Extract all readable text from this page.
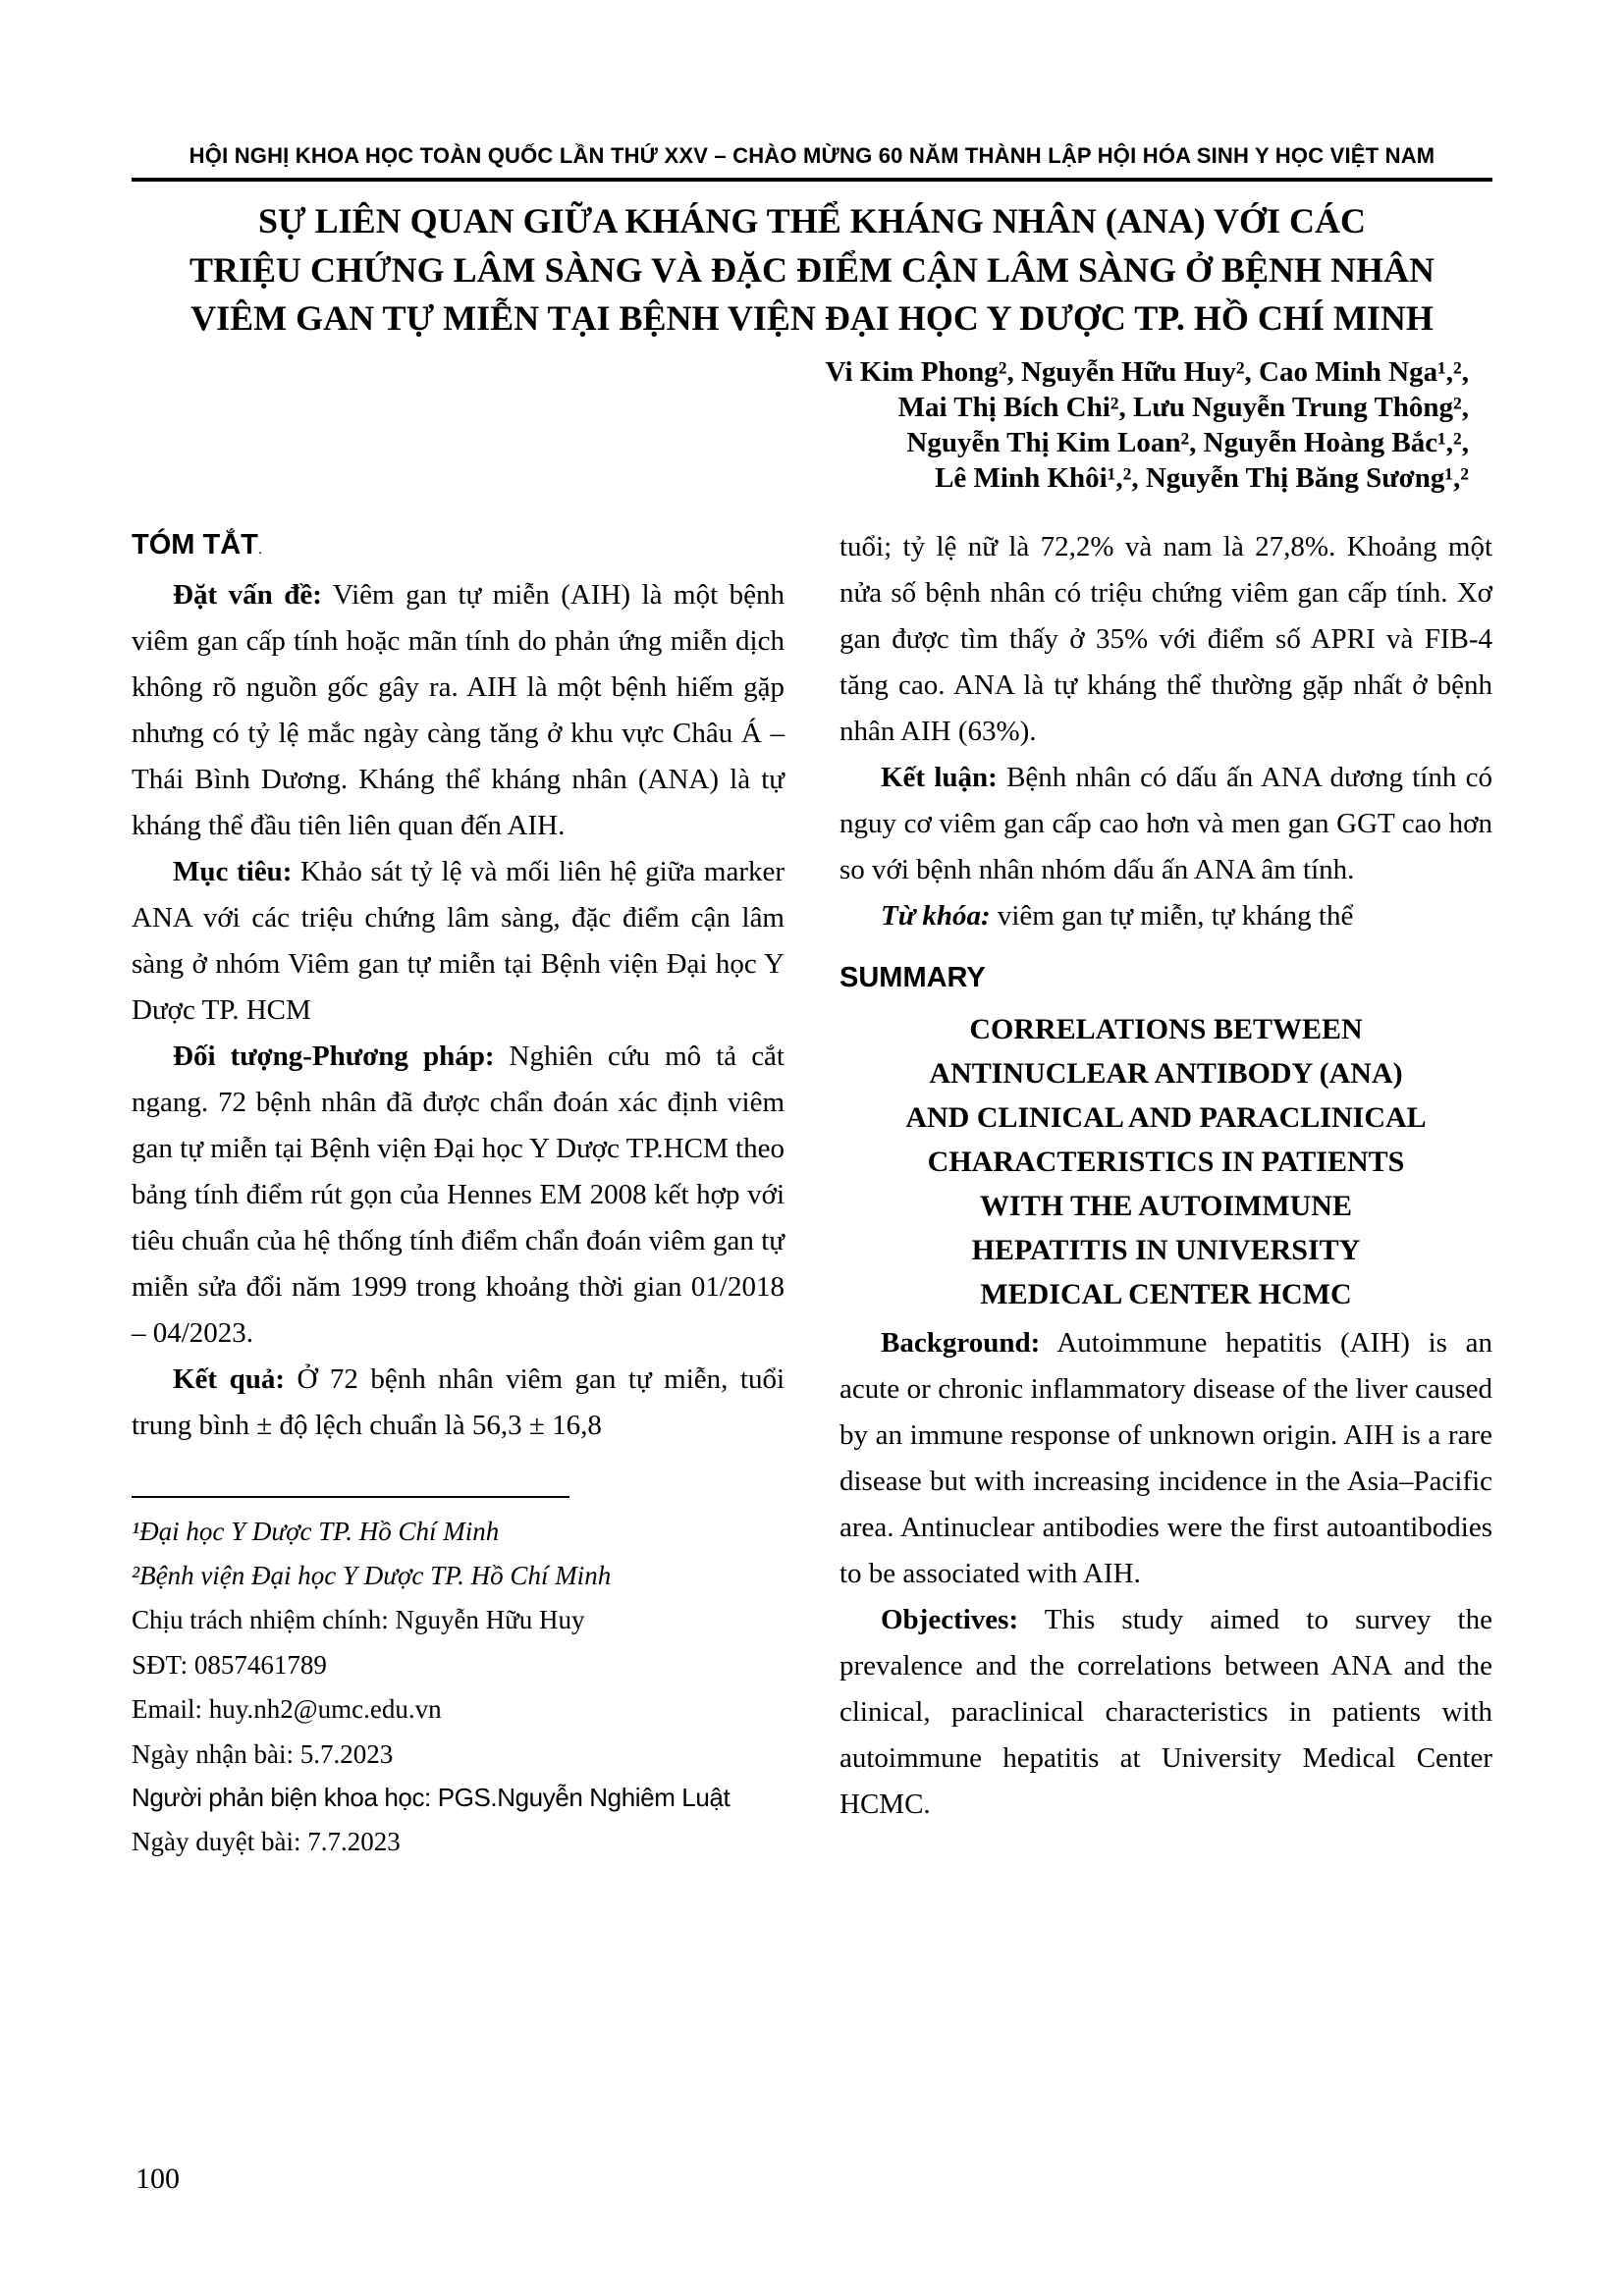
HỘI NGHỊ KHOA HỌC TOÀN QUỐC LẦN THỨ XXV – CHÀO MỪNG 60 NĂM THÀNH LẬP HỘI HÓA SINH Y HỌC VIỆT NAM
SỰ LIÊN QUAN GIỮA KHÁNG THỂ KHÁNG NHÂN (ANA) VỚI CÁC
TRIỆU CHỨNG LÂM SÀNG VÀ ĐẶC ĐIỂM CẬN LÂM SÀNG Ở BỆNH NHÂN
VIÊM GAN TỰ MIỄN TẠI BỆNH VIỆN ĐẠI HỌC Y DƯỢC TP. HỒ CHÍ MINH
Vi Kim Phong², Nguyễn Hữu Huy², Cao Minh Nga¹,²,
Mai Thị Bích Chi², Lưu Nguyễn Trung Thông²,
Nguyễn Thị Kim Loan², Nguyễn Hoàng Bắc¹,²,
Lê Minh Khôi¹,², Nguyễn Thị Băng Sương¹,²
TÓM TẮT.

Đặt vấn đề: Viêm gan tự miễn (AIH) là một bệnh viêm gan cấp tính hoặc mãn tính do phản ứng miễn dịch không rõ nguồn gốc gây ra. AIH là một bệnh hiếm gặp nhưng có tỷ lệ mắc ngày càng tăng ở khu vực Châu Á – Thái Bình Dương. Kháng thể kháng nhân (ANA) là tự kháng thể đầu tiên liên quan đến AIH.

Mục tiêu: Khảo sát tỷ lệ và mối liên hệ giữa marker ANA với các triệu chứng lâm sàng, đặc điểm cận lâm sàng ở nhóm Viêm gan tự miễn tại Bệnh viện Đại học Y Dược TP. HCM

Đối tượng-Phương pháp: Nghiên cứu mô tả cắt ngang. 72 bệnh nhân đã được chẩn đoán xác định viêm gan tự miễn tại Bệnh viện Đại học Y Dược TP.HCM theo bảng tính điểm rút gọn của Hennes EM 2008 kết hợp với tiêu chuẩn của hệ thống tính điểm chẩn đoán viêm gan tự miễn sửa đổi năm 1999 trong khoảng thời gian 01/2018 – 04/2023.

Kết quả: Ở 72 bệnh nhân viêm gan tự miễn, tuổi trung bình ± độ lệch chuẩn là 56,3 ± 16,8

¹Đại học Y Dược TP. Hồ Chí Minh
²Bệnh viện Đại học Y Dược TP. Hồ Chí Minh
Chịu trách nhiệm chính: Nguyễn Hữu Huy
SĐT: 0857461789
Email: huy.nh2@umc.edu.vn
Ngày nhận bài: 5.7.2023
Người phản biện khoa học: PGS.Nguyễn Nghiêm Luật
Ngày duyệt bài: 7.7.2023

tuổi; tỷ lệ nữ là 72,2% và nam là 27,8%. Khoảng một nửa số bệnh nhân có triệu chứng viêm gan cấp tính. Xơ gan được tìm thấy ở 35% với điểm số APRI và FIB-4 tăng cao. ANA là tự kháng thể thường gặp nhất ở bệnh nhân AIH (63%).

Kết luận: Bệnh nhân có dấu ấn ANA dương tính có nguy cơ viêm gan cấp cao hơn và men gan GGT cao hơn so với bệnh nhân nhóm dấu ấn ANA âm tính.

Từ khóa: viêm gan tự miễn, tự kháng thể

SUMMARY
CORRELATIONS BETWEEN
ANTINUCLEAR ANTIBODY (ANA)
AND CLINICAL AND PARACLINICAL
CHARACTERISTICS IN PATIENTS
WITH THE AUTOIMMUNE
HEPATITIS IN UNIVERSITY
MEDICAL CENTER HCMC

Background: Autoimmune hepatitis (AIH) is an acute or chronic inflammatory disease of the liver caused by an immune response of unknown origin. AIH is a rare disease but with increasing incidence in the Asia–Pacific area. Antinuclear antibodies were the first autoantibodies to be associated with AIH.

Objectives: This study aimed to survey the prevalence and the correlations between ANA and the clinical, paraclinical characteristics in patients with autoimmune hepatitis at University Medical Center HCMC.

100
